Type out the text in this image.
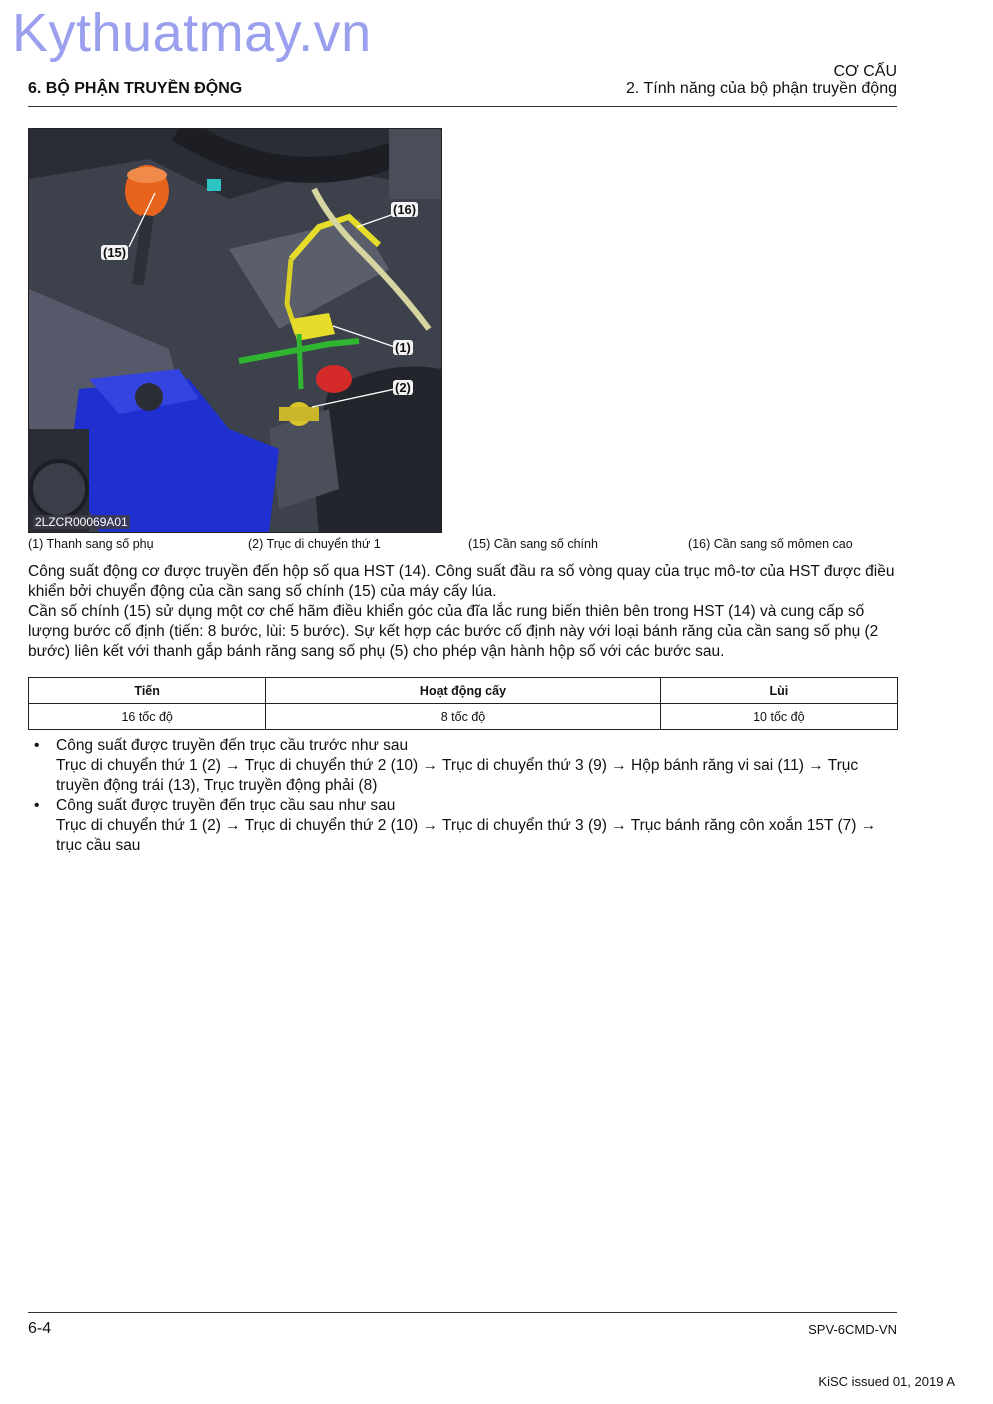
Kythuatmay.vn
CƠ CẤU
6. BỘ PHẬN TRUYỀN ĐỘNG	2. Tính năng của bộ phận truyền động
(15)
(16)
(1)
(2)
2LZCR00069A01
(1) Thanh sang số phụ	(2) Trục di chuyển thứ 1	(15) Cần sang số chính	(16) Cần sang số mômen cao
Công suất động cơ được truyền đến hộp số qua HST (14). Công suất đầu ra số vòng quay của trục mô-tơ của HST được điều khiển bởi chuyển động của cần sang số chính (15) của máy cấy lúa.
Cần số chính (15) sử dụng một cơ chế hãm điều khiển góc của đĩa lắc rung biến thiên bên trong HST (14) và cung cấp số lượng bước cố định (tiến: 8 bước, lùi: 5 bước). Sự kết hợp các bước cố định này với loại bánh răng của cần sang số phụ (2 bước) liên kết với thanh gắp bánh răng sang số phụ (5) cho phép vận hành hộp số với các bước sau.
Tiến	Hoạt động cấy	Lùi
16 tốc độ	8 tốc độ	10 tốc độ
• Công suất được truyền đến trục cầu trước như sau
Trục di chuyển thứ 1 (2) → Trục di chuyển thứ 2 (10) → Trục di chuyển thứ 3 (9) → Hộp bánh răng vi sai (11) → Trục truyền động trái (13), Trục truyền động phải (8)
• Công suất được truyền đến trục cầu sau như sau
Trục di chuyển thứ 1 (2) → Trục di chuyển thứ 2 (10) → Trục di chuyển thứ 3 (9) → Trục bánh răng côn xoắn 15T (7) → trục cầu sau
6-4	SPV-6CMD-VN
KiSC issued 01, 2019 A
